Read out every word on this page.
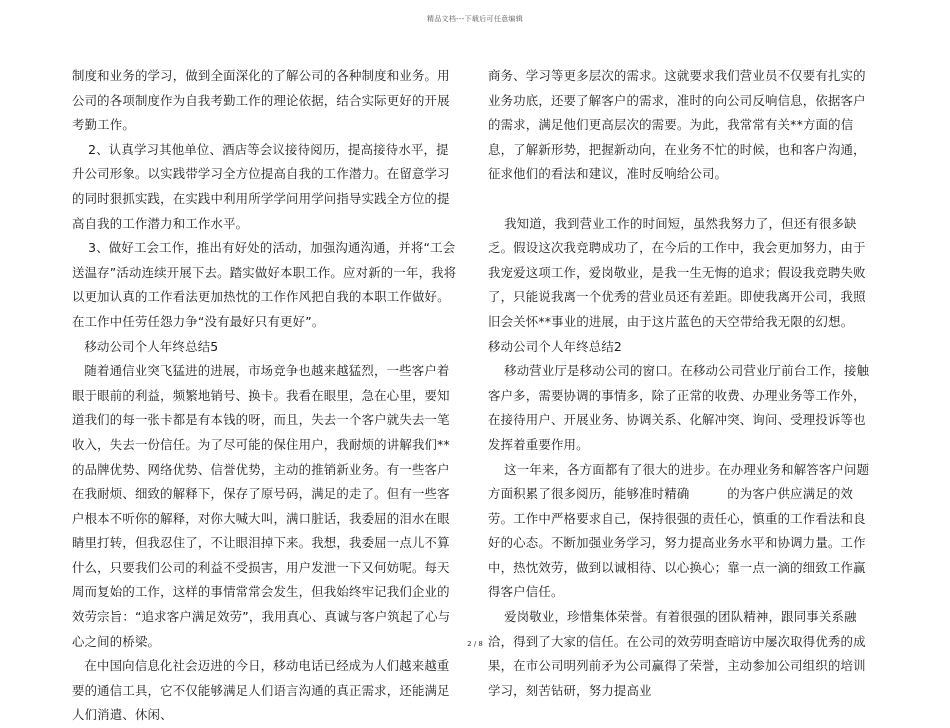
精品文档---下载后可任意编辑

制度和业务的学习，做到全面深化的了解公司的各种制度和业务。用公司的各项制度作为自我考勤工作的理论依据，结合实际更好的开展考勤工作。

2、认真学习其他单位、酒店等会议接待阅历，提高接待水平，提升公司形象。以实践带学习全方位提高自我的工作潜力。在留意学习的同时狠抓实践，在实践中利用所学学问用学问指导实践全方位的提高自我的工作潜力和工作水平。

3、做好工会工作，推出有好处的活动，加强沟通沟通，并将“工会送温存”活动连续开展下去。踏实做好本职工作。应对新的一年，我将以更加认真的工作看法更加热忱的工作作风把自我的本职工作做好。在工作中任劳任怨力争“没有最好只有更好”。

移动公司个人年终总结5

随着通信业突飞猛进的进展，市场竞争也越来越猛烈，一些客户着眼于眼前的利益，频繁地销号、换卡。我看在眼里，急在心里，要知道我们的每一张卡都是有本钱的呀，而且，失去一个客户就失去一笔收入，失去一份信任。为了尽可能的保住用户，我耐烦的讲解我们**的品牌优势、网络优势、信誉优势，主动的推销新业务。有一些客户在我耐烦、细致的解释下，保存了原号码，满足的走了。但有一些客户根本不听你的解释，对你大喊大叫，满口脏话，我委屈的泪水在眼睛里打转，但我忍住了，不让眼泪掉下来。我想，我委屈一点儿不算什么，只要我们公司的利益不受损害，用户发泄一下又何妨呢。每天周而复始的工作，这样的事情常常会发生，但我始终牢记我们企业的效劳宗旨：“追求客户满足效劳”，我用真心、真诚与客户筑起了心与心之间的桥梁。

在中国向信息化社会迈进的今日，移动电话已经成为人们越来越重要的通信工具，它不仅能够满足人们语言沟通的真正需求，还能满足人们消遣、休闲、

商务、学习等更多层次的需求。这就要求我们营业员不仅要有扎实的业务功底，还要了解客户的需求，准时的向公司反响信息，依据客户的需求，满足他们更高层次的需要。为此，我常常有关**方面的信息，了解新形势，把握新动向，在业务不忙的时候，也和客户沟通，征求他们的看法和建议，准时反响给公司。

我知道，我到营业工作的时间短，虽然我努力了，但还有很多缺乏。假设这次我竞聘成功了，在今后的工作中，我会更加努力，由于我宠爱这项工作，爱岗敬业，是我一生无悔的追求；假设我竞聘失败了，只能说我离一个优秀的营业员还有差距。即使我离开公司，我照旧会关怀**事业的进展，由于这片蓝色的天空带给我无限的幻想。

移动公司个人年终总结2

移动营业厅是移动公司的窗口。在移动公司营业厅前台工作，接触客户多，需要协调的事情多，除了正常的收费、办理业务等工作外，在接待用户、开展业务、协调关系、化解冲突、询问、受理投诉等也发挥着重要作用。

这一年来，各方面都有了很大的进步。在办理业务和解答客户问题方面积累了很多阅历，能够准时精确　　　的为客户供应满足的效劳。工作中严格要求自己，保持很强的责任心，慎重的工作看法和良好的心态。不断加强业务学习，努力提高业务水平和协调力量。工作中，热忱效劳，做到以诚相待、以心换心；靠一点一滴的细致工作赢得客户信任。

爱岗敬业，珍惜集体荣誉。有着很强的团队精神，跟同事关系融洽，得到了大家的信任。在公司的效劳明查暗访中屡次取得优秀的成果，在市公司明列前矛为公司赢得了荣誉，主动参加公司组织的培训学习，刻苦钻研，努力提高业

2 / 8
